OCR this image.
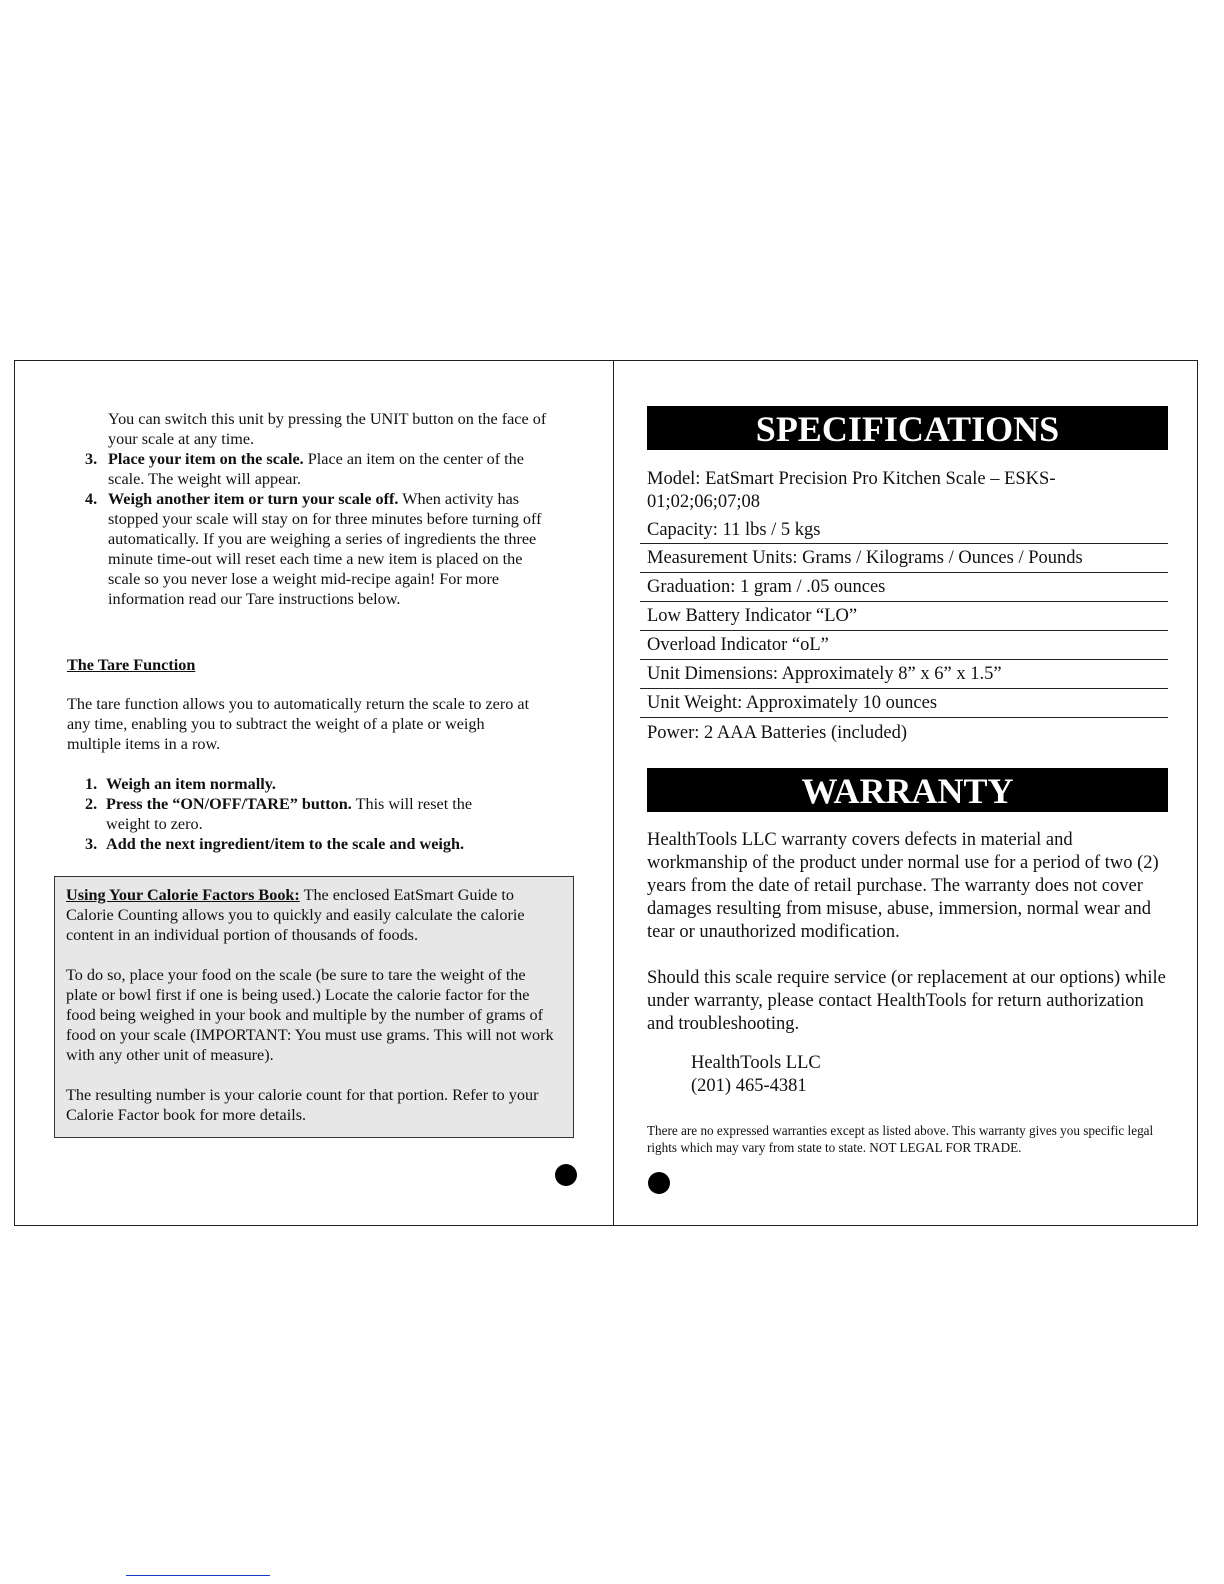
You can switch this unit by pressing the UNIT button on the face of your scale at any time.
3. Place your item on the scale. Place an item on the center of the scale. The weight will appear.
4. Weigh another item or turn your scale off. When activity has stopped your scale will stay on for three minutes before turning off automatically. If you are weighing a series of ingredients the three minute time-out will reset each time a new item is placed on the scale so you never lose a weight mid-recipe again! For more information read our Tare instructions below.
The Tare Function
The tare function allows you to automatically return the scale to zero at any time, enabling you to subtract the weight of a plate or weigh multiple items in a row.
1. Weigh an item normally.
2. Press the “ON/OFF/TARE” button. This will reset the weight to zero.
3. Add the next ingredient/item to the scale and weigh.

Using Your Calorie Factors Book: The enclosed EatSmart Guide to Calorie Counting allows you to quickly and easily calculate the calorie content in an individual portion of thousands of foods.

To do so, place your food on the scale (be sure to tare the weight of the plate or bowl first if one is being used.) Locate the calorie factor for the food being weighed in your book and multiple by the number of grams of food on your scale (IMPORTANT: You must use grams. This will not work with any other unit of measure).

The resulting number is your calorie count for that portion. Refer to your Calorie Factor book for more details.

SPECIFICATIONS
Model: EatSmart Precision Pro Kitchen Scale – ESKS-01;02;06;07;08
Capacity: 11 lbs / 5 kgs
Measurement Units: Grams / Kilograms / Ounces / Pounds
Graduation: 1 gram / .05 ounces
Low Battery Indicator “LO”
Overload Indicator “oL”
Unit Dimensions: Approximately 8” x 6” x 1.5”
Unit Weight: Approximately 10 ounces
Power: 2 AAA Batteries (included)
WARRANTY
HealthTools LLC warranty covers defects in material and workmanship of the product under normal use for a period of two (2) years from the date of retail purchase. The warranty does not cover damages resulting from misuse, abuse, immersion, normal wear and tear or unauthorized modification.
Should this scale require service (or replacement at our options) while under warranty, please contact HealthTools for return authorization and troubleshooting.
HealthTools LLC
(201) 465-4381
There are no expressed warranties except as listed above. This warranty gives you specific legal rights which may vary from state to state. NOT LEGAL FOR TRADE.
